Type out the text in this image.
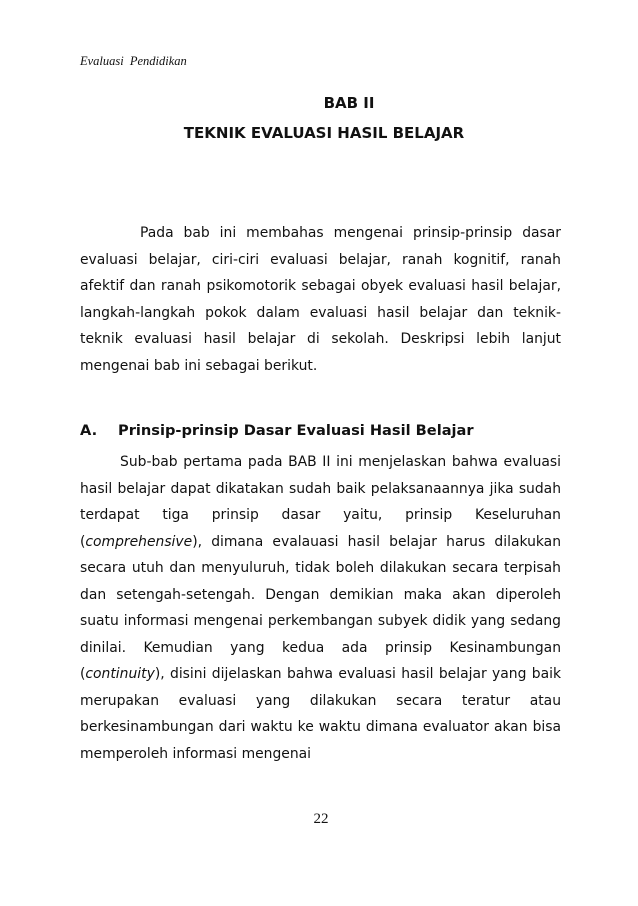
Evaluasi Pendidikan
BAB II
TEKNIK EVALUASI HASIL BELAJAR

Pada bab ini membahas mengenai prinsip-prinsip dasar evaluasi belajar, ciri-ciri evaluasi belajar, ranah kognitif, ranah afektif dan ranah psikomotorik sebagai obyek evaluasi hasil belajar, langkah-langkah pokok dalam evaluasi hasil belajar dan teknik-teknik evaluasi hasil belajar di sekolah. Deskripsi lebih lanjut mengenai bab ini sebagai berikut.

A. Prinsip-prinsip Dasar Evaluasi Hasil Belajar

Sub-bab pertama pada BAB II ini menjelaskan bahwa evaluasi hasil belajar dapat dikatakan sudah baik pelaksanaannya jika sudah terdapat tiga prinsip dasar yaitu, prinsip Keseluruhan (comprehensive), dimana evalauasi hasil belajar harus dilakukan secara utuh dan menyuluruh, tidak boleh dilakukan secara terpisah dan setengah-setengah. Dengan demikian maka akan diperoleh suatu informasi mengenai perkembangan subyek didik yang sedang dinilai. Kemudian yang kedua ada prinsip Kesinambungan (continuity), disini dijelaskan bahwa evaluasi hasil belajar yang baik merupakan evaluasi yang dilakukan secara teratur atau berkesinambungan dari waktu ke waktu dimana evaluator akan bisa memperoleh informasi mengenai

22
